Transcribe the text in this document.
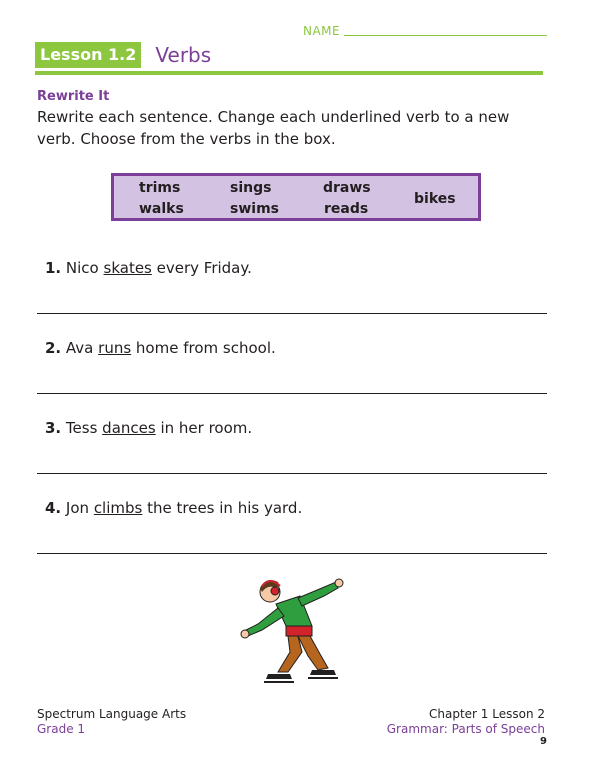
NAME
Lesson 1.2 Verbs
Rewrite It
Rewrite each sentence. Change each underlined verb to a new verb. Choose from the verbs in the box.
trims	sings	draws
walks	swims	reads
bikes
1. Nico skates every Friday.
2. Ava runs home from school.
3. Tess dances in her room.
4. Jon climbs the trees in his yard.
Spectrum Language Arts
Grade 1
Chapter 1 Lesson 2
Grammar: Parts of Speech
9
